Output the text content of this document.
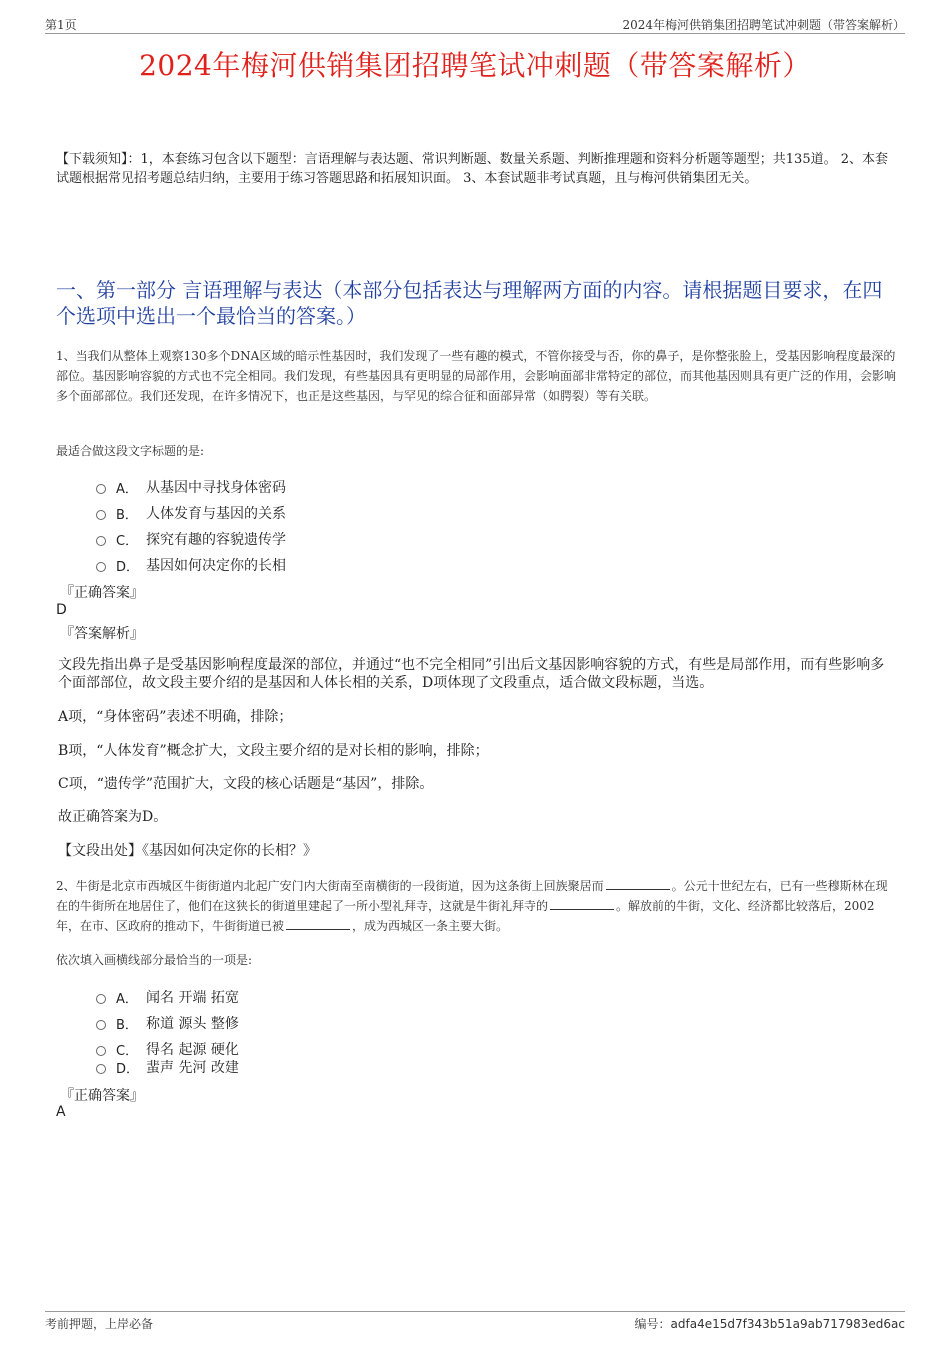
第1页	2024年梅河供销集团招聘笔试冲刺题（带答案解析）
2024年梅河供销集团招聘笔试冲刺题（带答案解析）
【下载须知】：1，本套练习包含以下题型：言语理解与表达题、常识判断题、数量关系题、判断推理题和资料分析题等题型；共135道。 2、本套试题根据常见招考题总结归纳，主要用于练习答题思路和拓展知识面。 3、本套试题非考试真题，且与梅河供销集团无关。
一、第一部分 言语理解与表达（本部分包括表达与理解两方面的内容。请根据题目要求，在四个选项中选出一个最恰当的答案。）
1、当我们从整体上观察130多个DNA区域的暗示性基因时，我们发现了一些有趣的模式，不管你接受与否，你的鼻子，是你整张脸上，受基因影响程度最深的部位。基因影响容貌的方式也不完全相同。我们发现，有些基因具有更明显的局部作用，会影响面部非常特定的部位，而其他基因则具有更广泛的作用，会影响多个面部部位。我们还发现，在许多情况下，也正是这些基因，与罕见的综合征和面部异常（如腭裂）等有关联。
最适合做这段文字标题的是:
A． 从基因中寻找身体密码
B． 人体发育与基因的关系
C． 探究有趣的容貌遗传学
D． 基因如何决定你的长相
『正确答案』
D
『答案解析』
文段先指出鼻子是受基因影响程度最深的部位，并通过“也不完全相同”引出后文基因影响容貌的方式，有些是局部作用，而有些影响多个面部部位，故文段主要介绍的是基因和人体长相的关系，D项体现了文段重点，适合做文段标题，当选。
A项，“身体密码”表述不明确，排除；
B项，“人体发育”概念扩大，文段主要介绍的是对长相的影响，排除；
C项，“遗传学”范围扩大，文段的核心话题是“基因”，排除。
故正确答案为D。
【文段出处】《基因如何决定你的长相？》
2、牛街是北京市西城区牛街街道内北起广安门内大街南至南横街的一段街道，因为这条街上回族聚居而	。公元十世纪左右，已有一些穆斯林在现在的牛街所在地居住了，他们在这狭长的街道里建起了一所小型礼拜寺，这就是牛街礼拜寺的	。解放前的牛街，文化、经济都比较落后，2002年，在市、区政府的推动下，牛街街道已被	，成为西城区一条主要大街。
依次填入画横线部分最恰当的一项是:
A． 闻名 开端 拓宽
B． 称道 源头 整修
C． 得名 起源 硬化
D． 蜚声 先河 改建
『正确答案』
A
考前押题，上岸必备	编号：adfa4e15d7f343b51a9ab717983ed6ac
